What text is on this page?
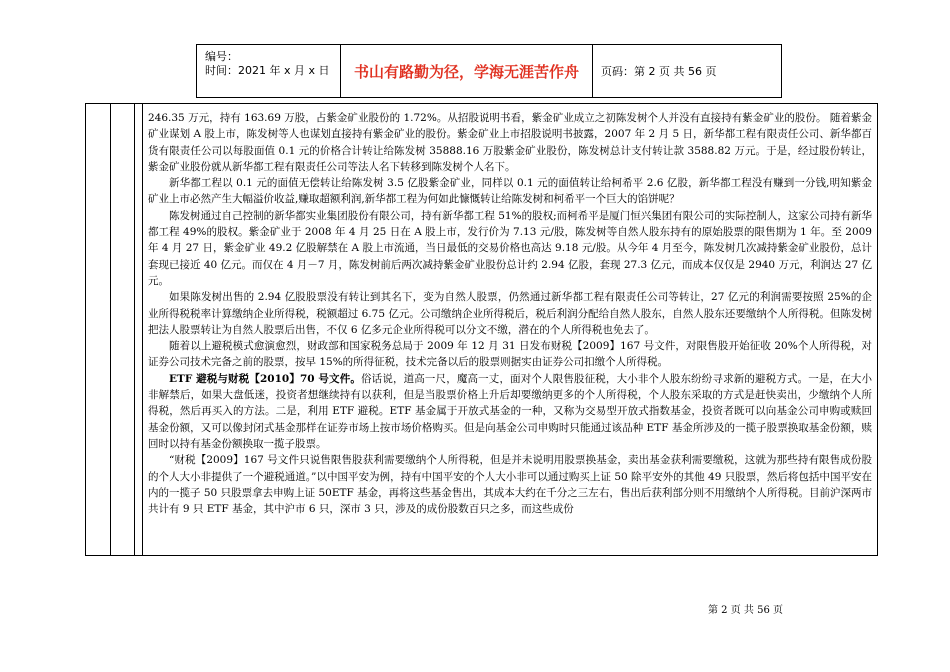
编号：
时间：2021 年 x 月 x 日	书山有路勤为径，学海无涯苦作舟	页码：第 2 页 共 56 页

246.35 万元，持有 163.69 万股，占紫金矿业股份的 1.72%。从招股说明书看，紫金矿业成立之初陈发树个人并没有直接持有紫金矿业的股份。 随着紫金矿业谋划 A 股上市，陈发树等人也谋划直接持有紫金矿业的股份。紫金矿业上市招股说明书披露，2007 年 2 月 5 日，新华都工程有限责任公司、新华都百货有限责任公司以每股面值 0.1 元的价格合计转让给陈发树 35888.16 万股紫金矿业股份，陈发树总计支付转让款 3588.82 万元。于是，经过股份转让，紫金矿业股份就从新华都工程有限责任公司等法人名下转移到陈发树个人名下。

新华都工程以 0.1 元的面值无偿转让给陈发树 3.5 亿股紫金矿业，同样以 0.1 元的面值转让给柯希平 2.6 亿股，新华都工程没有赚到一分钱,明知紫金矿业上市必然产生大幅溢价收益,赚取超额利润,新华都工程为何如此慷慨转让给陈发树和柯希平一个巨大的馅饼呢？

陈发树通过自己控制的新华都实业集团股份有限公司，持有新华都工程 51%的股权;而柯希平是厦门恒兴集团有限公司的实际控制人，这家公司持有新华都工程 49%的股权。紫金矿业于 2008 年 4 月 25 日在 A 股上市，发行价为 7.13 元/股，陈发树等自然人股东持有的原始股票的限售期为 1 年。至 2009 年 4 月 27 日，紫金矿业 49.2 亿股解禁在 A 股上市流通，当日最低的交易价格也高达 9.18 元/股。从今年 4 月至今，陈发树几次减持紫金矿业股份，总计套现已接近 40 亿元。而仅在 4 月－7 月，陈发树前后两次减持紫金矿业股份总计约 2.94 亿股，套现 27.3 亿元，而成本仅仅是 2940 万元，利润达 27 亿元。

如果陈发树出售的 2.94 亿股股票没有转让到其名下，变为自然人股票，仍然通过新华都工程有限责任公司等转让，27 亿元的利润需要按照 25%的企业所得税税率计算缴纳企业所得税，税额超过 6.75 亿元。公司缴纳企业所得税后，税后利润分配给自然人股东，自然人股东还要缴纳个人所得税。但陈发树把法人股票转让为自然人股票后出售，不仅 6 亿多元企业所得税可以分文不缴，潜在的个人所得税也免去了。

随着以上避税模式愈演愈烈，财政部和国家税务总局于 2009 年 12 月 31 日发布财税【2009】167 号文件，对限售股开始征收 20%个人所得税，对证券公司技术完备之前的股票，按早 15%的所得征税，技术完备以后的股票则据实由证券公司扣缴个人所得税。

ETF 避税与财税【2010】70 号文件。俗话说，道高一尺，魔高一丈，面对个人限售股征税，大小非个人股东纷纷寻求新的避税方式。一是，在大小非解禁后，如果大盘低迷，投资者想继续持有以获利，但是当股票价格上升后却要缴纳更多的个人所得税，个人股东采取的方式是赶快卖出，少缴纳个人所得税，然后再买入的方法。二是，利用 ETF 避税。ETF 基金属于开放式基金的一种，又称为交易型开放式指数基金，投资者既可以向基金公司申购或赎回基金份额，又可以像封闭式基金那样在证券市场上按市场价格购买。但是向基金公司申购时只能通过该品种 ETF 基金所涉及的一揽子股票换取基金份额，赎回时以持有基金份额换取一揽子股票。

“财税【2009】167 号文件只说售限售股获利需要缴纳个人所得税，但是并未说明用股票换基金，卖出基金获利需要缴税，这就为那些持有限售成份股的个人大小非提供了一个避税通道。”以中国平安为例，持有中国平安的个人大小非可以通过购买上证 50 除平安外的其他 49 只股票，然后将包括中国平安在内的一揽子 50 只股票拿去申购上证 50ETF 基金，再将这些基金售出，其成本大约在千分之三左右，售出后获利部分则不用缴纳个人所得税。目前沪深两市共计有 9 只 ETF 基金，其中沪市 6 只，深市 3 只，涉及的成份股数百只之多，而这些成份

第 2 页 共 56 页
